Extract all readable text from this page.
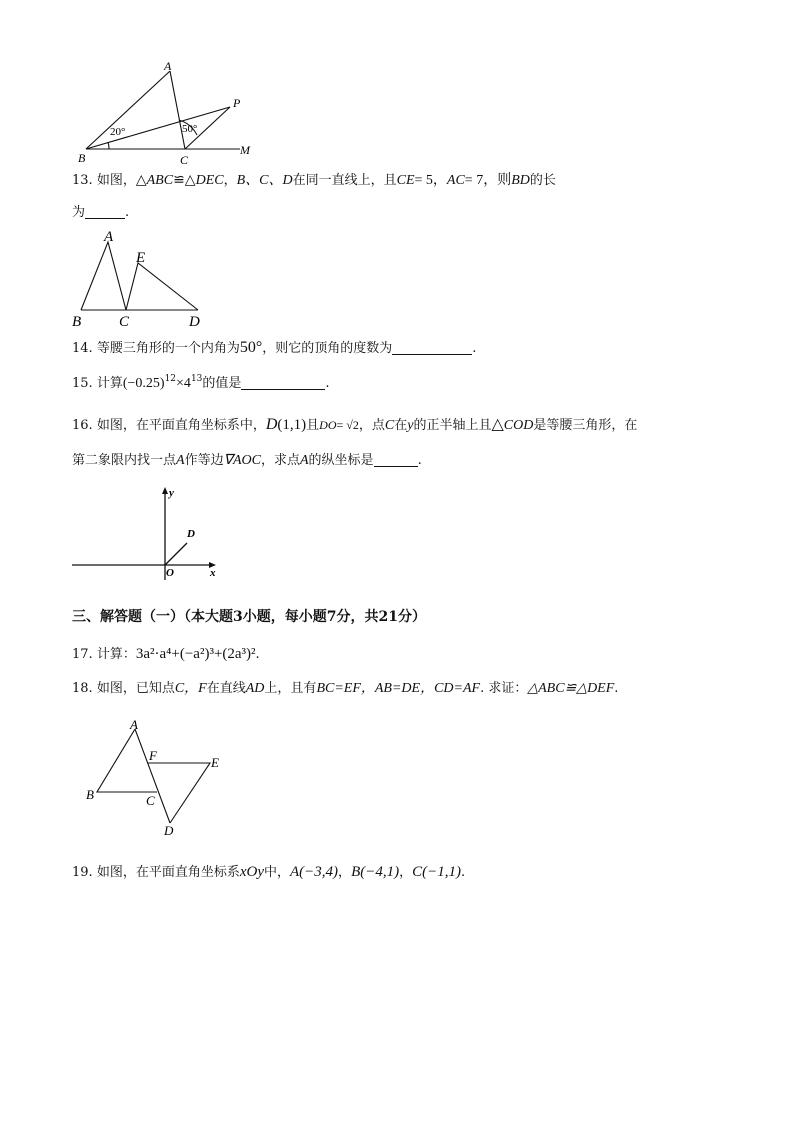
A
P
B	C
M
20°	50°
13. 如图，△ABC≌△DEC，B、C、D在同一直线上，且CE= 5，AC= 7，则BD的长
为	.
A
E
B	C	D
14. 等腰三角形的一个内角为50°，则它的顶角的度数为	.
15. 计算$(-0.25)^{12}\times 4^{13}$的值是	.
16. 如图，在平面直角坐标系中，D(1,1)且DO= √2，点C在y的正半轴上且△COD是等腰三角形，在
第二象限内找一点A作等边∇AOC，求点A的纵坐标是	.
y
x
O
D
三、解答题（一）（本大题3小题，每小题7分，共21分）
17. 计算：3a²·a⁴+(−a²)³+(2a³)².
18. 如图，已知点C，F在直线AD上，且有BC=EF，AB=DE，CD=AF. 求证：△ABC≌△DEF.
A
F	E
B	C
D
19. 如图，在平面直角坐标系xOy中，A(−3,4)，B(−4,1)，C(−1,1).
